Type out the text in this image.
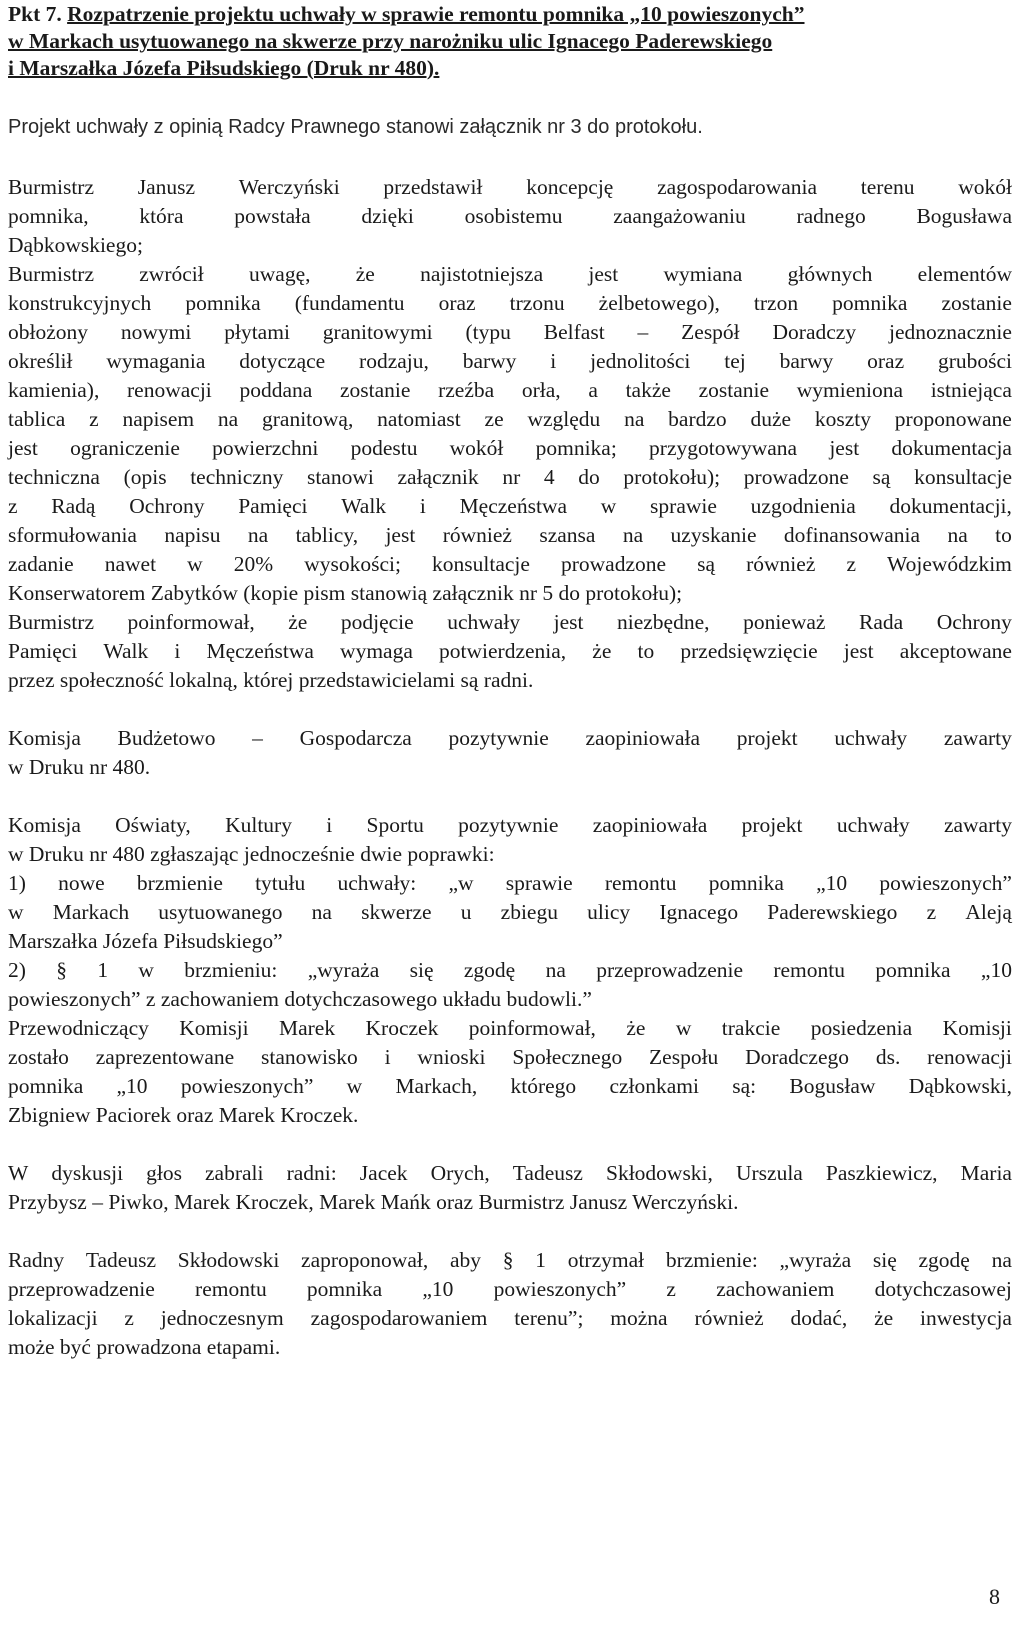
Pkt 7. Rozpatrzenie projektu uchwały w sprawie remontu pomnika „10 powieszonych”
w Markach usytuowanego na skwerze przy narożniku ulic Ignacego Paderewskiego
i Marszałka Józefa Piłsudskiego (Druk nr 480).
Projekt uchwały z opinią Radcy Prawnego stanowi załącznik nr 3 do protokołu.
Burmistrz Janusz Werczyński przedstawił koncepcję zagospodarowania terenu wokół
pomnika, która powstała dzięki osobistemu zaangażowaniu radnego Bogusława
Dąbkowskiego;
Burmistrz zwrócił uwagę, że najistotniejsza jest wymiana głównych elementów
konstrukcyjnych pomnika (fundamentu oraz trzonu żelbetowego), trzon pomnika zostanie
obłożony nowymi płytami granitowymi (typu Belfast – Zespół Doradczy jednoznacznie
określił wymagania dotyczące rodzaju, barwy i jednolitości tej barwy oraz grubości
kamienia), renowacji poddana zostanie rzeźba orła, a także zostanie wymieniona istniejąca
tablica z napisem na granitową, natomiast ze względu na bardzo duże koszty proponowane
jest ograniczenie powierzchni podestu wokół pomnika; przygotowywana jest dokumentacja
techniczna (opis techniczny stanowi załącznik nr 4 do protokołu); prowadzone są konsultacje
z Radą Ochrony Pamięci Walk i Męczeństwa w sprawie uzgodnienia dokumentacji,
sformułowania napisu na tablicy, jest również szansa na uzyskanie dofinansowania na to
zadanie nawet w 20% wysokości; konsultacje prowadzone są również z Wojewódzkim
Konserwatorem Zabytków (kopie pism stanowią załącznik nr 5 do protokołu);
Burmistrz poinformował, że podjęcie uchwały jest niezbędne, ponieważ Rada Ochrony
Pamięci Walk i Męczeństwa wymaga potwierdzenia, że to przedsięwzięcie jest akceptowane
przez społeczność lokalną, której przedstawicielami są radni.
Komisja Budżetowo – Gospodarcza pozytywnie zaopiniowała projekt uchwały zawarty
w Druku nr 480.
Komisja Oświaty, Kultury i Sportu pozytywnie zaopiniowała projekt uchwały zawarty
w Druku nr 480 zgłaszając jednocześnie dwie poprawki:
1) nowe brzmienie tytułu uchwały: „w sprawie remontu pomnika „10 powieszonych”
w Markach usytuowanego na skwerze u zbiegu ulicy Ignacego Paderewskiego z Aleją
Marszałka Józefa Piłsudskiego”
2) § 1 w brzmieniu: „wyraża się zgodę na przeprowadzenie remontu pomnika „10
powieszonych” z zachowaniem dotychczasowego układu budowli.”
Przewodniczący Komisji Marek Kroczek poinformował, że w trakcie posiedzenia Komisji
zostało zaprezentowane stanowisko i wnioski Społecznego Zespołu Doradczego ds. renowacji
pomnika „10 powieszonych” w Markach, którego członkami są: Bogusław Dąbkowski,
Zbigniew Paciorek oraz Marek Kroczek.
W dyskusji głos zabrali radni: Jacek Orych, Tadeusz Skłodowski, Urszula Paszkiewicz, Maria
Przybysz – Piwko, Marek Kroczek, Marek Mańk oraz Burmistrz Janusz Werczyński.
Radny Tadeusz Skłodowski zaproponował, aby § 1 otrzymał brzmienie: „wyraża się zgodę na
przeprowadzenie remontu pomnika „10 powieszonych” z zachowaniem dotychczasowej
lokalizacji z jednoczesnym zagospodarowaniem terenu”; można również dodać, że inwestycja
może być prowadzona etapami.
8
